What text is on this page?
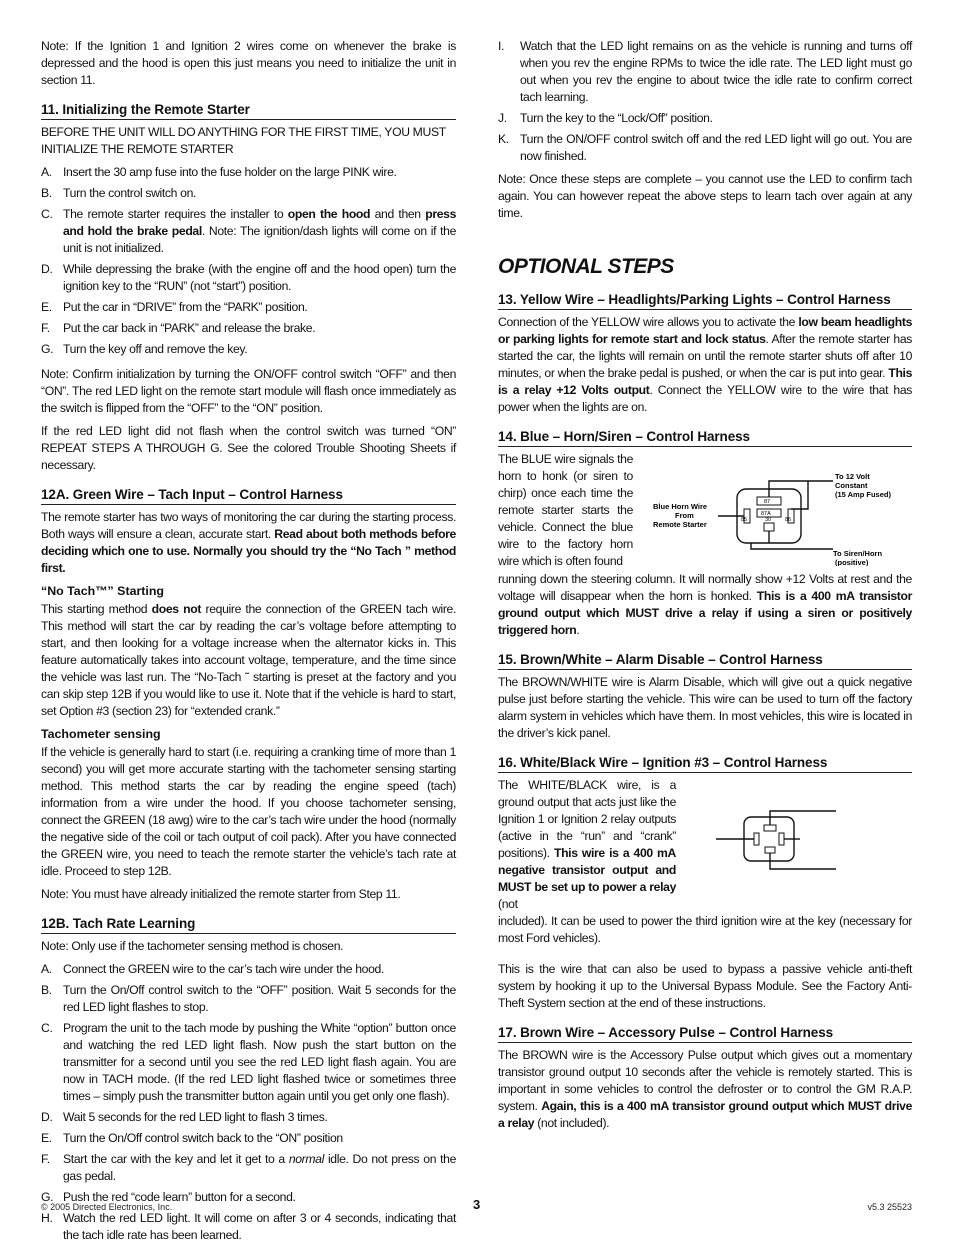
Note: If the Ignition 1 and Ignition 2 wires come on whenever the brake is depressed and the hood is open this just means you need to initialize the unit in section 11.

11. Initializing the Remote Starter

BEFORE THE UNIT WILL DO ANYTHING FOR THE FIRST TIME, YOU MUST INITIALIZE THE REMOTE STARTER

A. Insert the 30 amp fuse into the fuse holder on the large PINK wire.
B. Turn the control switch on.
C. The remote starter requires the installer to open the hood and then press and hold the brake pedal. Note: The ignition/dash lights will come on if the unit is not initialized.
D. While depressing the brake (with the engine off and the hood open) turn the ignition key to the “RUN” (not “start”) position.
E. Put the car in “DRIVE” from the “PARK” position.
F.	Put the car back in “PARK” and release the brake.
G. Turn the key off and remove the key.

Note: Confirm initialization by turning the ON/OFF control switch “OFF” and then “ON”. The red LED light on the remote start module will flash once immediately as the switch is flipped from the “OFF” to the “ON” position.

If the red LED light did not flash when the control switch was turned “ON” REPEAT STEPS A THROUGH G. See the colored Trouble Shooting Sheets if necessary.

12A. Green Wire – Tach Input – Control Harness

The remote starter has two ways of monitoring the car during the starting process. Both ways will ensure a clean, accurate start. Read about both methods before deciding which one to use. Normally you should try the “No Tach ” method first.

“No Tach™” Starting

This starting method does not require the connection of the GREEN tach wire. This method will start the car by reading the car’s voltage before attempting to start, and then looking for a voltage increase when the alternator kicks in. This feature automatically takes into account voltage, temperature, and the time since the vehicle was last run. The “No-Tach ˜ starting is preset at the factory and you can skip step 12B if you would like to use it. Note that if the vehicle is hard to start, set Option #3 (section 23) for “extended crank.”

Tachometer sensing

If the vehicle is generally hard to start (i.e. requiring a cranking time of more than 1 second) you will get more accurate starting with the tachometer sensing starting method. This method starts the car by reading the engine speed (tach) information from a wire under the hood. If you choose tachometer sensing, connect the GREEN (18 awg) wire to the car’s tach wire under the hood (normally the negative side of the coil or tach output of coil pack). After you have connected the GREEN wire, you need to teach the remote starter the vehicle’s tach rate at idle. Proceed to step 12B.

Note: You must have already initialized the remote starter from Step 11.

12B. Tach Rate Learning

Note: Only use if the tachometer sensing method is chosen.

A. Connect the GREEN wire to the car’s tach wire under the hood.
B. Turn the On/Off control switch to the “OFF” position. Wait 5 seconds for the red LED light flashes to stop.
C. Program the unit to the tach mode by pushing the White “option” button once and watching the red LED light flash. Now push the start button on the transmitter for a second until you see the red LED light flash again. You are now in TACH mode. (If the red LED light flashed twice or sometimes three times – simply push the transmitter button again until you get only one flash).
D. Wait 5 seconds for the red LED light to flash 3 times.
E. Turn the On/Off control switch back to the “ON” position
F.	Start the car with the key and let it get to a normal idle. Do not press on the gas pedal.
G. Push the red “code learn” button for a second.
H. Watch the red LED light. It will come on after 3 or 4 seconds, indicating that the tach idle rate has been learned.
I.	Watch that the LED light remains on as the vehicle is running and turns off when you rev the engine RPMs to twice the idle rate. The LED light must go out when you rev the engine to about twice the idle rate to confirm correct tach learning.
J.	Turn the key to the “Lock/Off” position.
K. Turn the ON/OFF control switch off and the red LED light will go out. You are now finished.

Note: Once these steps are complete – you cannot use the LED to confirm tach again. You can however repeat the above steps to learn tach over again at any time.

OPTIONAL STEPS
13. Yellow Wire – Headlights/Parking Lights – Control Harness

Connection of the YELLOW wire allows you to activate the low beam headlights or parking lights for remote start and lock status. After the remote starter has started the car, the lights will remain on until the remote starter shuts off after 10 minutes, or when the brake pedal is pushed, or when the car is put into gear. This is a relay +12 Volts output. Connect the YELLOW wire to the wire that has power when the lights are on.

14. Blue – Horn/Siren – Control Harness

The BLUE wire signals the horn to honk (or siren to chirp) once each time the remote starter starts the vehicle. Connect the blue wire to the factory horn wire which is often found

Blue Horn Wire
From
Remote Starter
87
87A
85	86
30
To 12 Volt
Constant
(15 Amp Fused)
To Siren/Horn
(positive)

running down the steering column. It will normally show +12 Volts at rest and the voltage will disappear when the horn is honked. This is a 400 mA transistor ground output which MUST drive a relay if using a siren or positively triggered horn.

15. Brown/White – Alarm Disable – Control Harness

The BROWN/WHITE wire is Alarm Disable, which will give out a quick negative pulse just before starting the vehicle. This wire can be used to turn off the factory alarm system in vehicles which have them. In most vehicles, this wire is located in the driver’s kick panel.

16. White/Black Wire – Ignition #3 – Control Harness

The WHITE/BLACK wire, is a ground output that acts just like the Ignition 1 or Ignition 2 relay outputs (active in the “run” and “crank” positions). This wire is a 400 mA negative transistor output and MUST be set up to power a relay (not

included). It can be used to power the third ignition wire at the key (necessary for most Ford vehicles).

This is the wire that can also be used to bypass a passive vehicle anti-theft system by hooking it up to the Universal Bypass Module. See the Factory Anti-Theft System section at the end of these instructions.

17. Brown Wire – Accessory Pulse – Control Harness

The BROWN wire is the Accessory Pulse output which gives out a momentary transistor ground output 10 seconds after the vehicle is remotely started. This is important in some vehicles to control the defroster or to control the GM R.A.P. system. Again, this is a 400 mA transistor ground output which MUST drive a relay (not included).

© 2005 Directed Electronics, Inc.	3	v5.3 25523
